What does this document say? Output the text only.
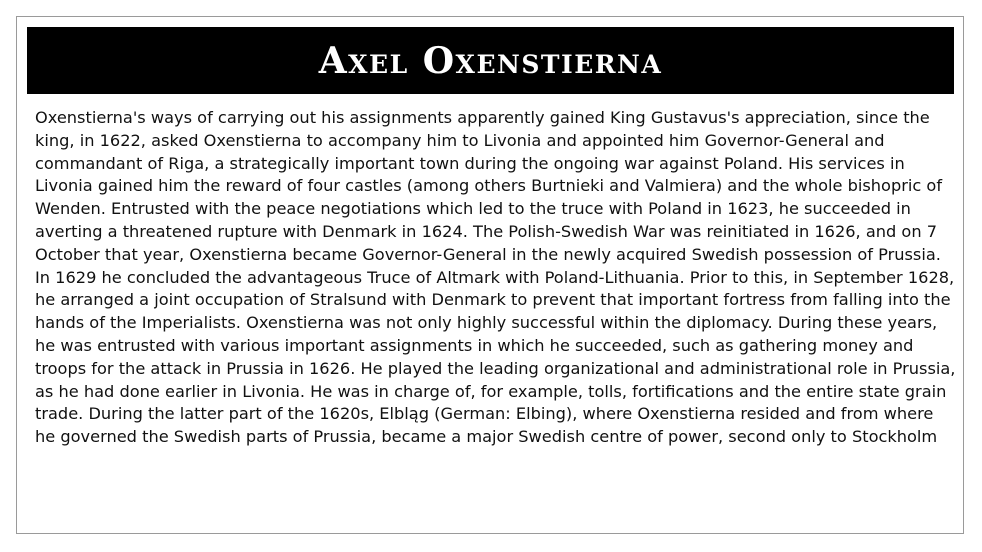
Axel Oxenstierna

Oxenstierna's ways of carrying out his assignments apparently gained King Gustavus's appreciation, since the king, in 1622, asked Oxenstierna to accompany him to Livonia and appointed him Governor-General and commandant of Riga, a strategically important town during the ongoing war against Poland. His services in Livonia gained him the reward of four castles (among others Burtnieki and Valmiera) and the whole bishopric of Wenden. Entrusted with the peace negotiations which led to the truce with Poland in 1623, he succeeded in averting a threatened rupture with Denmark in 1624. The Polish-Swedish War was reinitiated in 1626, and on 7 October that year, Oxenstierna became Governor-General in the newly acquired Swedish possession of Prussia. In 1629 he concluded the advantageous Truce of Altmark with Poland-Lithuania. Prior to this, in September 1628, he arranged a joint occupation of Stralsund with Denmark to prevent that important fortress from falling into the hands of the Imperialists. Oxenstierna was not only highly successful within the diplomacy. During these years, he was entrusted with various important assignments in which he succeeded, such as gathering money and troops for the attack in Prussia in 1626. He played the leading organizational and administrational role in Prussia, as he had done earlier in Livonia. He was in charge of, for example, tolls, fortifications and the entire state grain trade. During the latter part of the 1620s, Elbląg (German: Elbing), where Oxenstierna resided and from where he governed the Swedish parts of Prussia, became a major Swedish centre of power, second only to Stockholm
